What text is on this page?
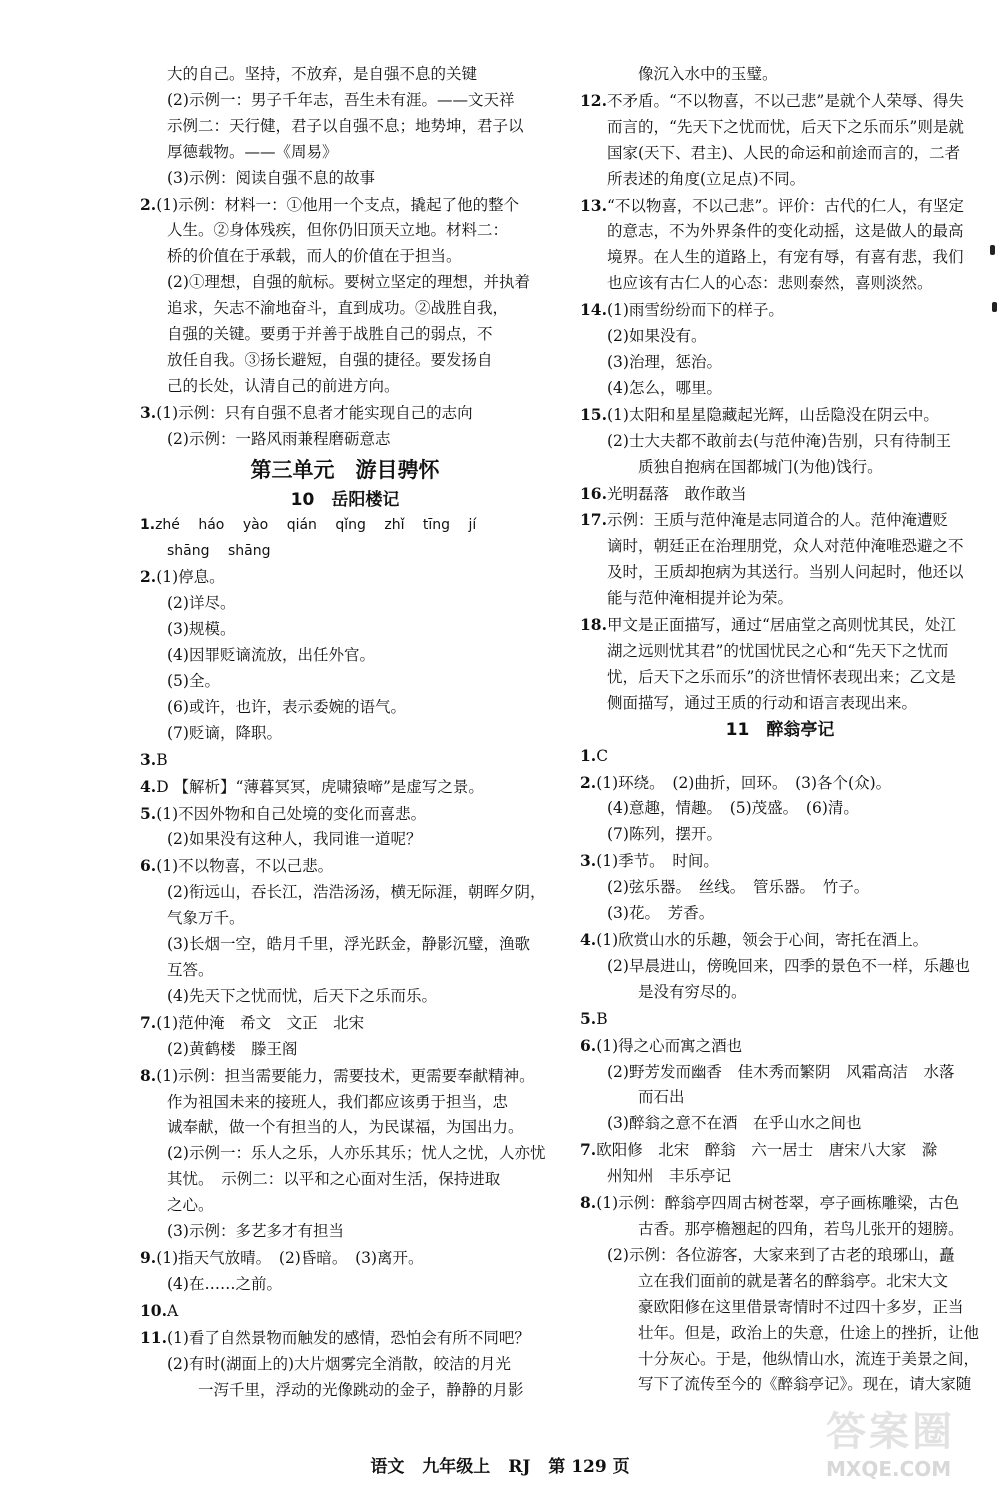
大的自己。坚持，不放弃，是自强不息的关键
(2)示例一：男子千年志，吾生未有涯。——文天祥
示例二：天行健，君子以自强不息；地势坤，君子以
厚德载物。——《周易》
(3)示例：阅读自强不息的故事
2.(1)示例：材料一：①他用一个支点，撬起了他的整个
人生。②身体残疾，但你仍旧顶天立地。材料二：
桥的价值在于承载，而人的价值在于担当。
(2)①理想，自强的航标。要树立坚定的理想，并执着
追求，矢志不渝地奋斗，直到成功。②战胜自我，
自强的关键。要勇于并善于战胜自己的弱点，不
放任自我。③扬长避短，自强的捷径。要发扬自
己的长处，认清自己的前进方向。
3.(1)示例：只有自强不息者才能实现自己的志向
(2)示例：一路风雨兼程磨砺意志
第三单元　游目骋怀
10　岳阳楼记
1.zhé háo yào qián qǐng zhǐ tīng jí
shāng shāng
2.(1)停息。
(2)详尽。
(3)规模。
(4)因罪贬谪流放，出任外官。
(5)全。
(6)或许，也许，表示委婉的语气。
(7)贬谪，降职。
3.B
4.D 【解析】“薄暮冥冥，虎啸猿啼”是虚写之景。
5.(1)不因外物和自己处境的变化而喜悲。
(2)如果没有这种人，我同谁一道呢？
6.(1)不以物喜，不以己悲。
(2)衔远山，吞长江，浩浩汤汤，横无际涯，朝晖夕阴，
气象万千。
(3)长烟一空，皓月千里，浮光跃金，静影沉璧，渔歌
互答。
(4)先天下之忧而忧，后天下之乐而乐。
7.(1)范仲淹　希文　文正　北宋
(2)黄鹤楼　滕王阁
8.(1)示例：担当需要能力，需要技术，更需要奉献精神。
作为祖国未来的接班人，我们都应该勇于担当，忠
诚奉献，做一个有担当的人，为民谋福，为国出力。
(2)示例一：乐人之乐，人亦乐其乐；忧人之忧，人亦忧
其忧。　示例二：以平和之心面对生活，保持进取
之心。
(3)示例：多艺多才有担当
9.(1)指天气放晴。　(2)昏暗。　(3)离开。
(4)在……之前。
10.A
11.(1)看了自然景物而触发的感情，恐怕会有所不同吧？
(2)有时(湖面上的)大片烟雾完全消散，皎洁的月光
一泻千里，浮动的光像跳动的金子，静静的月影
像沉入水中的玉璧。
12.不矛盾。“不以物喜，不以己悲”是就个人荣辱、得失
而言的，“先天下之忧而忧，后天下之乐而乐”则是就
国家(天下、君主)、人民的命运和前途而言的，二者
所表述的角度(立足点)不同。
13.“不以物喜，不以己悲”。评价：古代的仁人，有坚定
的意志，不为外界条件的变化动摇，这是做人的最高
境界。在人生的道路上，有宠有辱，有喜有悲，我们
也应该有古仁人的心态：悲则泰然，喜则淡然。
14.(1)雨雪纷纷而下的样子。
(2)如果没有。
(3)治理，惩治。
(4)怎么，哪里。
15.(1)太阳和星星隐藏起光辉，山岳隐没在阴云中。
(2)士大夫都不敢前去(与范仲淹)告别，只有待制王
质独自抱病在国都城门(为他)饯行。
16.光明磊落　敢作敢当
17.示例：王质与范仲淹是志同道合的人。范仲淹遭贬
谪时，朝廷正在治理朋党，众人对范仲淹唯恐避之不
及时，王质却抱病为其送行。当别人问起时，他还以
能与范仲淹相提并论为荣。
18.甲文是正面描写，通过“居庙堂之高则忧其民，处江
湖之远则忧其君”的忧国忧民之心和“先天下之忧而
忧，后天下之乐而乐”的济世情怀表现出来；乙文是
侧面描写，通过王质的行动和语言表现出来。
11　醉翁亭记
1.C
2.(1)环绕。　(2)曲折，回环。　(3)各个(众)。
(4)意趣，情趣。　(5)茂盛。　(6)清。
(7)陈列，摆开。
3.(1)季节。　时间。
(2)弦乐器。　丝线。　管乐器。　竹子。
(3)花。　芳香。
4.(1)欣赏山水的乐趣，领会于心间，寄托在酒上。
(2)早晨进山，傍晚回来，四季的景色不一样，乐趣也
是没有穷尽的。
5.B
6.(1)得之心而寓之酒也
(2)野芳发而幽香　佳木秀而繁阴　风霜高洁　水落
而石出
(3)醉翁之意不在酒　在乎山水之间也
7.欧阳修　北宋　醉翁　六一居士　唐宋八大家　滁
州知州　丰乐亭记
8.(1)示例：醉翁亭四周古树苍翠，亭子画栋雕梁，古色
古香。那亭檐翘起的四角，若鸟儿张开的翅膀。
(2)示例：各位游客，大家来到了古老的琅琊山，矗
立在我们面前的就是著名的醉翁亭。北宋大文
豪欧阳修在这里借景寄情时不过四十多岁，正当
壮年。但是，政治上的失意，仕途上的挫折，让他
十分灰心。于是，他纵情山水，流连于美景之间，
写下了流传至今的《醉翁亭记》。现在，请大家随
语文 九年级上 RJ 第 129 页
答案圈
MXQE.COM
